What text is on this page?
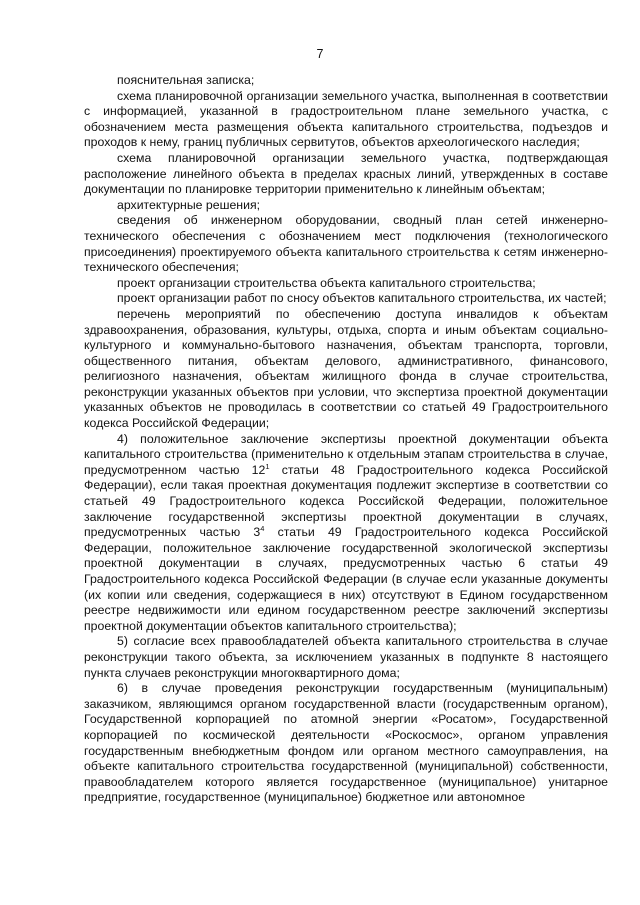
7

пояснительная записка;

схема планировочной организации земельного участка, выполненная в соответствии с информацией, указанной в градостроительном плане земельного участка, с обозначением места размещения объекта капитального строительства, подъездов и проходов к нему, границ публичных сервитутов, объектов археологического наследия;

схема планировочной организации земельного участка, подтверждающая расположение линейного объекта в пределах красных линий, утвержденных в составе документации по планировке территории применительно к линейным объектам;

архитектурные решения;

сведения об инженерном оборудовании, сводный план сетей инженерно-технического обеспечения с обозначением мест подключения (технологического присоединения) проектируемого объекта капитального строительства к сетям инженерно-технического обеспечения;

проект организации строительства объекта капитального строительства;

проект организации работ по сносу объектов капитального строительства, их частей;

перечень мероприятий по обеспечению доступа инвалидов к объектам здравоохранения, образования, культуры, отдыха, спорта и иным объектам социально-культурного и коммунально-бытового назначения, объектам транспорта, торговли, общественного питания, объектам делового, административного, финансового, религиозного назначения, объектам жилищного фонда в случае строительства, реконструкции указанных объектов при условии, что экспертиза проектной документации указанных объектов не проводилась в соответствии со статьей 49 Градостроительного кодекса Российской Федерации;

4) положительное заключение экспертизы проектной документации объекта капитального строительства (применительно к отдельным этапам строительства в случае, предусмотренном частью $12^1$ статьи 48 Градостроительного кодекса Российской Федерации), если такая проектная документация подлежит экспертизе в соответствии со статьей 49 Градостроительного кодекса Российской Федерации, положительное заключение государственной экспертизы проектной документации в случаях, предусмотренных частью $3^4$ статьи 49 Градостроительного кодекса Российской Федерации, положительное заключение государственной экологической экспертизы проектной документации в случаях, предусмотренных частью 6 статьи 49 Градостроительного кодекса Российской Федерации (в случае если указанные документы (их копии или сведения, содержащиеся в них) отсутствуют в Едином государственном реестре недвижимости или едином государственном реестре заключений экспертизы проектной документации объектов капитального строительства);

5) согласие всех правообладателей объекта капитального строительства в случае реконструкции такого объекта, за исключением указанных в подпункте 8 настоящего пункта случаев реконструкции многоквартирного дома;

6) в случае проведения реконструкции государственным (муниципальным) заказчиком, являющимся органом государственной власти (государственным органом), Государственной корпорацией по атомной энергии «Росатом», Государственной корпорацией по космической деятельности «Роскосмос», органом управления государственным внебюджетным фондом или органом местного самоуправления, на объекте капитального строительства государственной (муниципальной) собственности, правообладателем которого является государственное (муниципальное) унитарное предприятие, государственное (муниципальное) бюджетное или автономное
